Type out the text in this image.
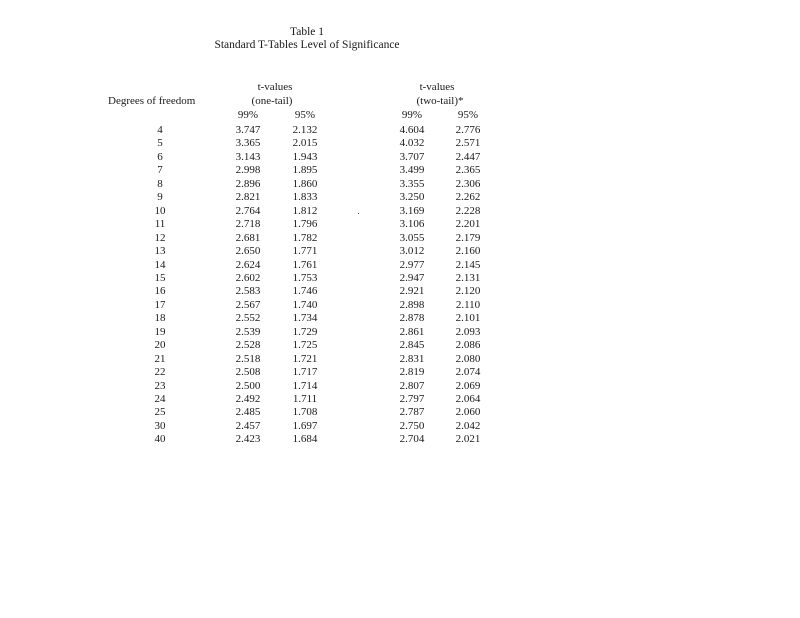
Table 1
Standard T-Tables Level of Significance
t-values
(one-tail)
t-values
(two-tail)*
Degrees of freedom
99%	95%	99%	95%
4	3.747	2.132	4.604	2.776
5	3.365	2.015	4.032	2.571
6	3.143	1.943	3.707	2.447
7	2.998	1.895	3.499	2.365
8	2.896	1.860	3.355	2.306
9	2.821	1.833	3.250	2.262
10	2.764	1.812	3.169	2.228
11	2.718	1.796	3.106	2.201
12	2.681	1.782	3.055	2.179
13	2.650	1.771	3.012	2.160
14	2.624	1.761	2.977	2.145
15	2.602	1.753	2.947	2.131
16	2.583	1.746	2.921	2.120
17	2.567	1.740	2.898	2.110
18	2.552	1.734	2.878	2.101
19	2.539	1.729	2.861	2.093
20	2.528	1.725	2.845	2.086
21	2.518	1.721	2.831	2.080
22	2.508	1.717	2.819	2.074
23	2.500	1.714	2.807	2.069
24	2.492	1.711	2.797	2.064
25	2.485	1.708	2.787	2.060
30	2.457	1.697	2.750	2.042
40	2.423	1.684	2.704	2.021
